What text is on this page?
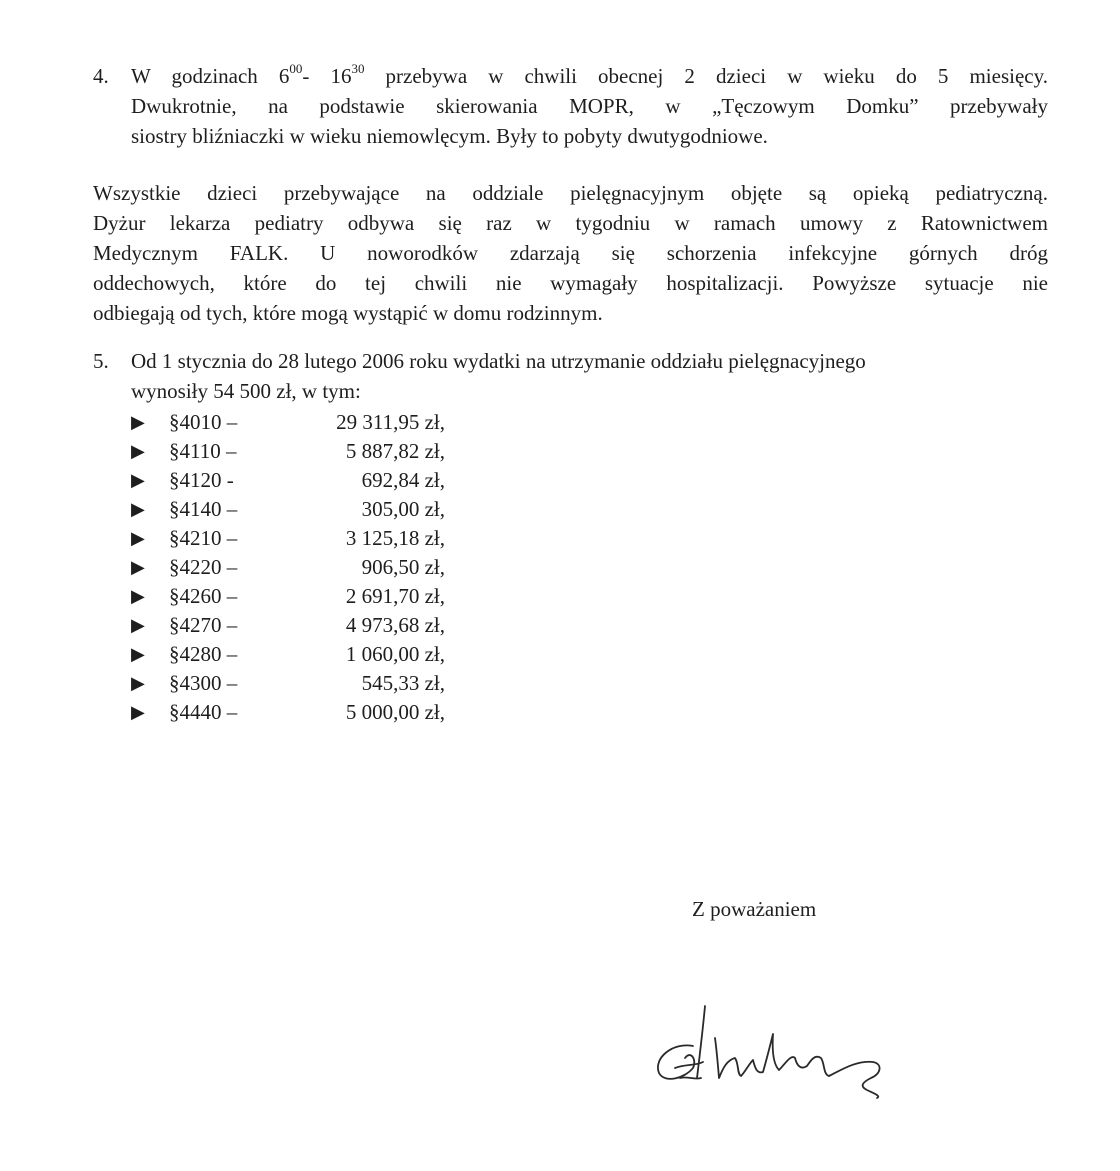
4. W godzinach $6^{00}-$ $16^{30}$ przebywa w chwili obecnej 2 dzieci w wieku do 5 miesięcy.
Dwukrotnie, na podstawie skierowania MOPR, w „Tęczowym Domku” przebywały
siostry bliźniaczki w wieku niemowlęcym. Były to pobyty dwutygodniowe.
Wszystkie dzieci przebywające na oddziale pielęgnacyjnym objęte są opieką pediatryczną.
Dyżur lekarza pediatry odbywa się raz w tygodniu w ramach umowy z Ratownictwem
Medycznym FALK. U noworodków zdarzają się schorzenia infekcyjne górnych dróg
oddechowych, które do tej chwili nie wymagały hospitalizacji. Powyższe sytuacje nie
odbiegają od tych, które mogą wystąpić w domu rodzinnym.
5. Od 1 stycznia do 28 lutego 2006 roku wydatki na utrzymanie oddziału pielęgnacyjnego
wynosiły 54 500 zł, w tym:
▶	§4010 –	29 311,95 zł,
▶	§4110 –	5 887,82 zł,
▶	§4120 -	692,84 zł,
▶	§4140 –	305,00 zł,
▶	§4210 –	3 125,18 zł,
▶	§4220 –	906,50 zł,
▶	§4260 –	2 691,70 zł,
▶	§4270 –	4 973,68 zł,
▶	§4280 –	1 060,00 zł,
▶	§4300 –	545,33 zł,
▶	§4440 –	5 000,00 zł,
Z poważaniem
